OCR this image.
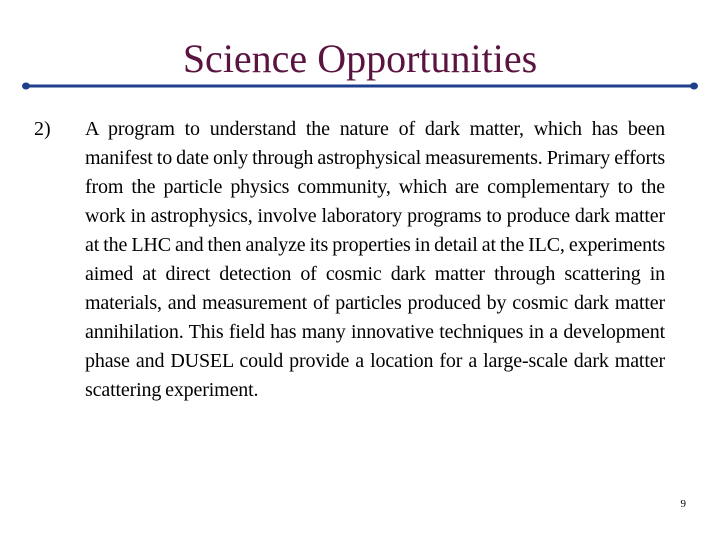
Science Opportunities
2) A program to understand the nature of dark matter, which has been manifest to date only through astrophysical measurements. Primary efforts from the particle physics community, which are complementary to the work in astrophysics, involve laboratory programs to produce dark matter at the LHC and then analyze its properties in detail at the ILC, experiments aimed at direct detection of cosmic dark matter through scattering in materials, and measurement of particles produced by cosmic dark matter annihilation. This field has many innovative techniques in a development phase and DUSEL could provide a location for a large-scale dark matter scattering experiment.
9
